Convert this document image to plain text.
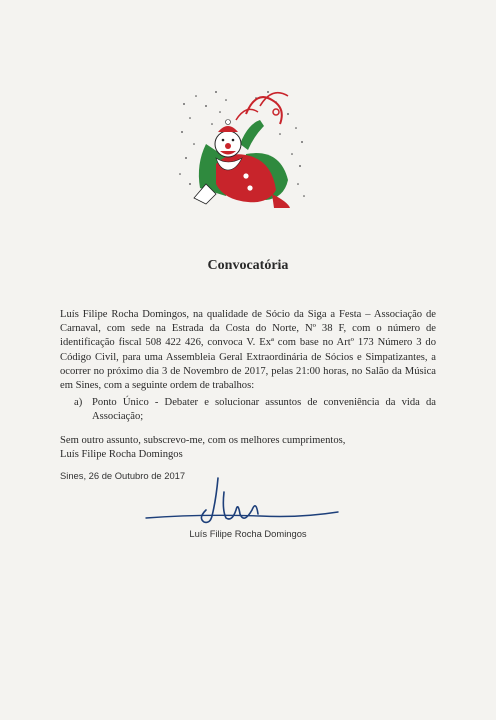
Convocatória
Luís Filipe Rocha Domingos, na qualidade de Sócio da Siga a Festa – Associação de Carnaval, com sede na Estrada da Costa do Norte, Nº 38 F, com o número de identificação fiscal 508 422 426, convoca V. Exª com base no Artº 173 Número 3 do Código Civil, para uma Assembleia Geral Extraordinária de Sócios e Simpatizantes, a ocorrer no próximo dia 3 de Novembro de 2017, pelas 21:00 horas, no Salão da Música em Sines, com a seguinte ordem de trabalhos:
a) Ponto Único - Debater e solucionar assuntos de conveniência da vida da Associação;
Sem outro assunto, subscrevo-me, com os melhores cumprimentos,
Luís Filipe Rocha Domingos
Sines, 26 de Outubro de 2017
Luís Filipe Rocha Domingos
